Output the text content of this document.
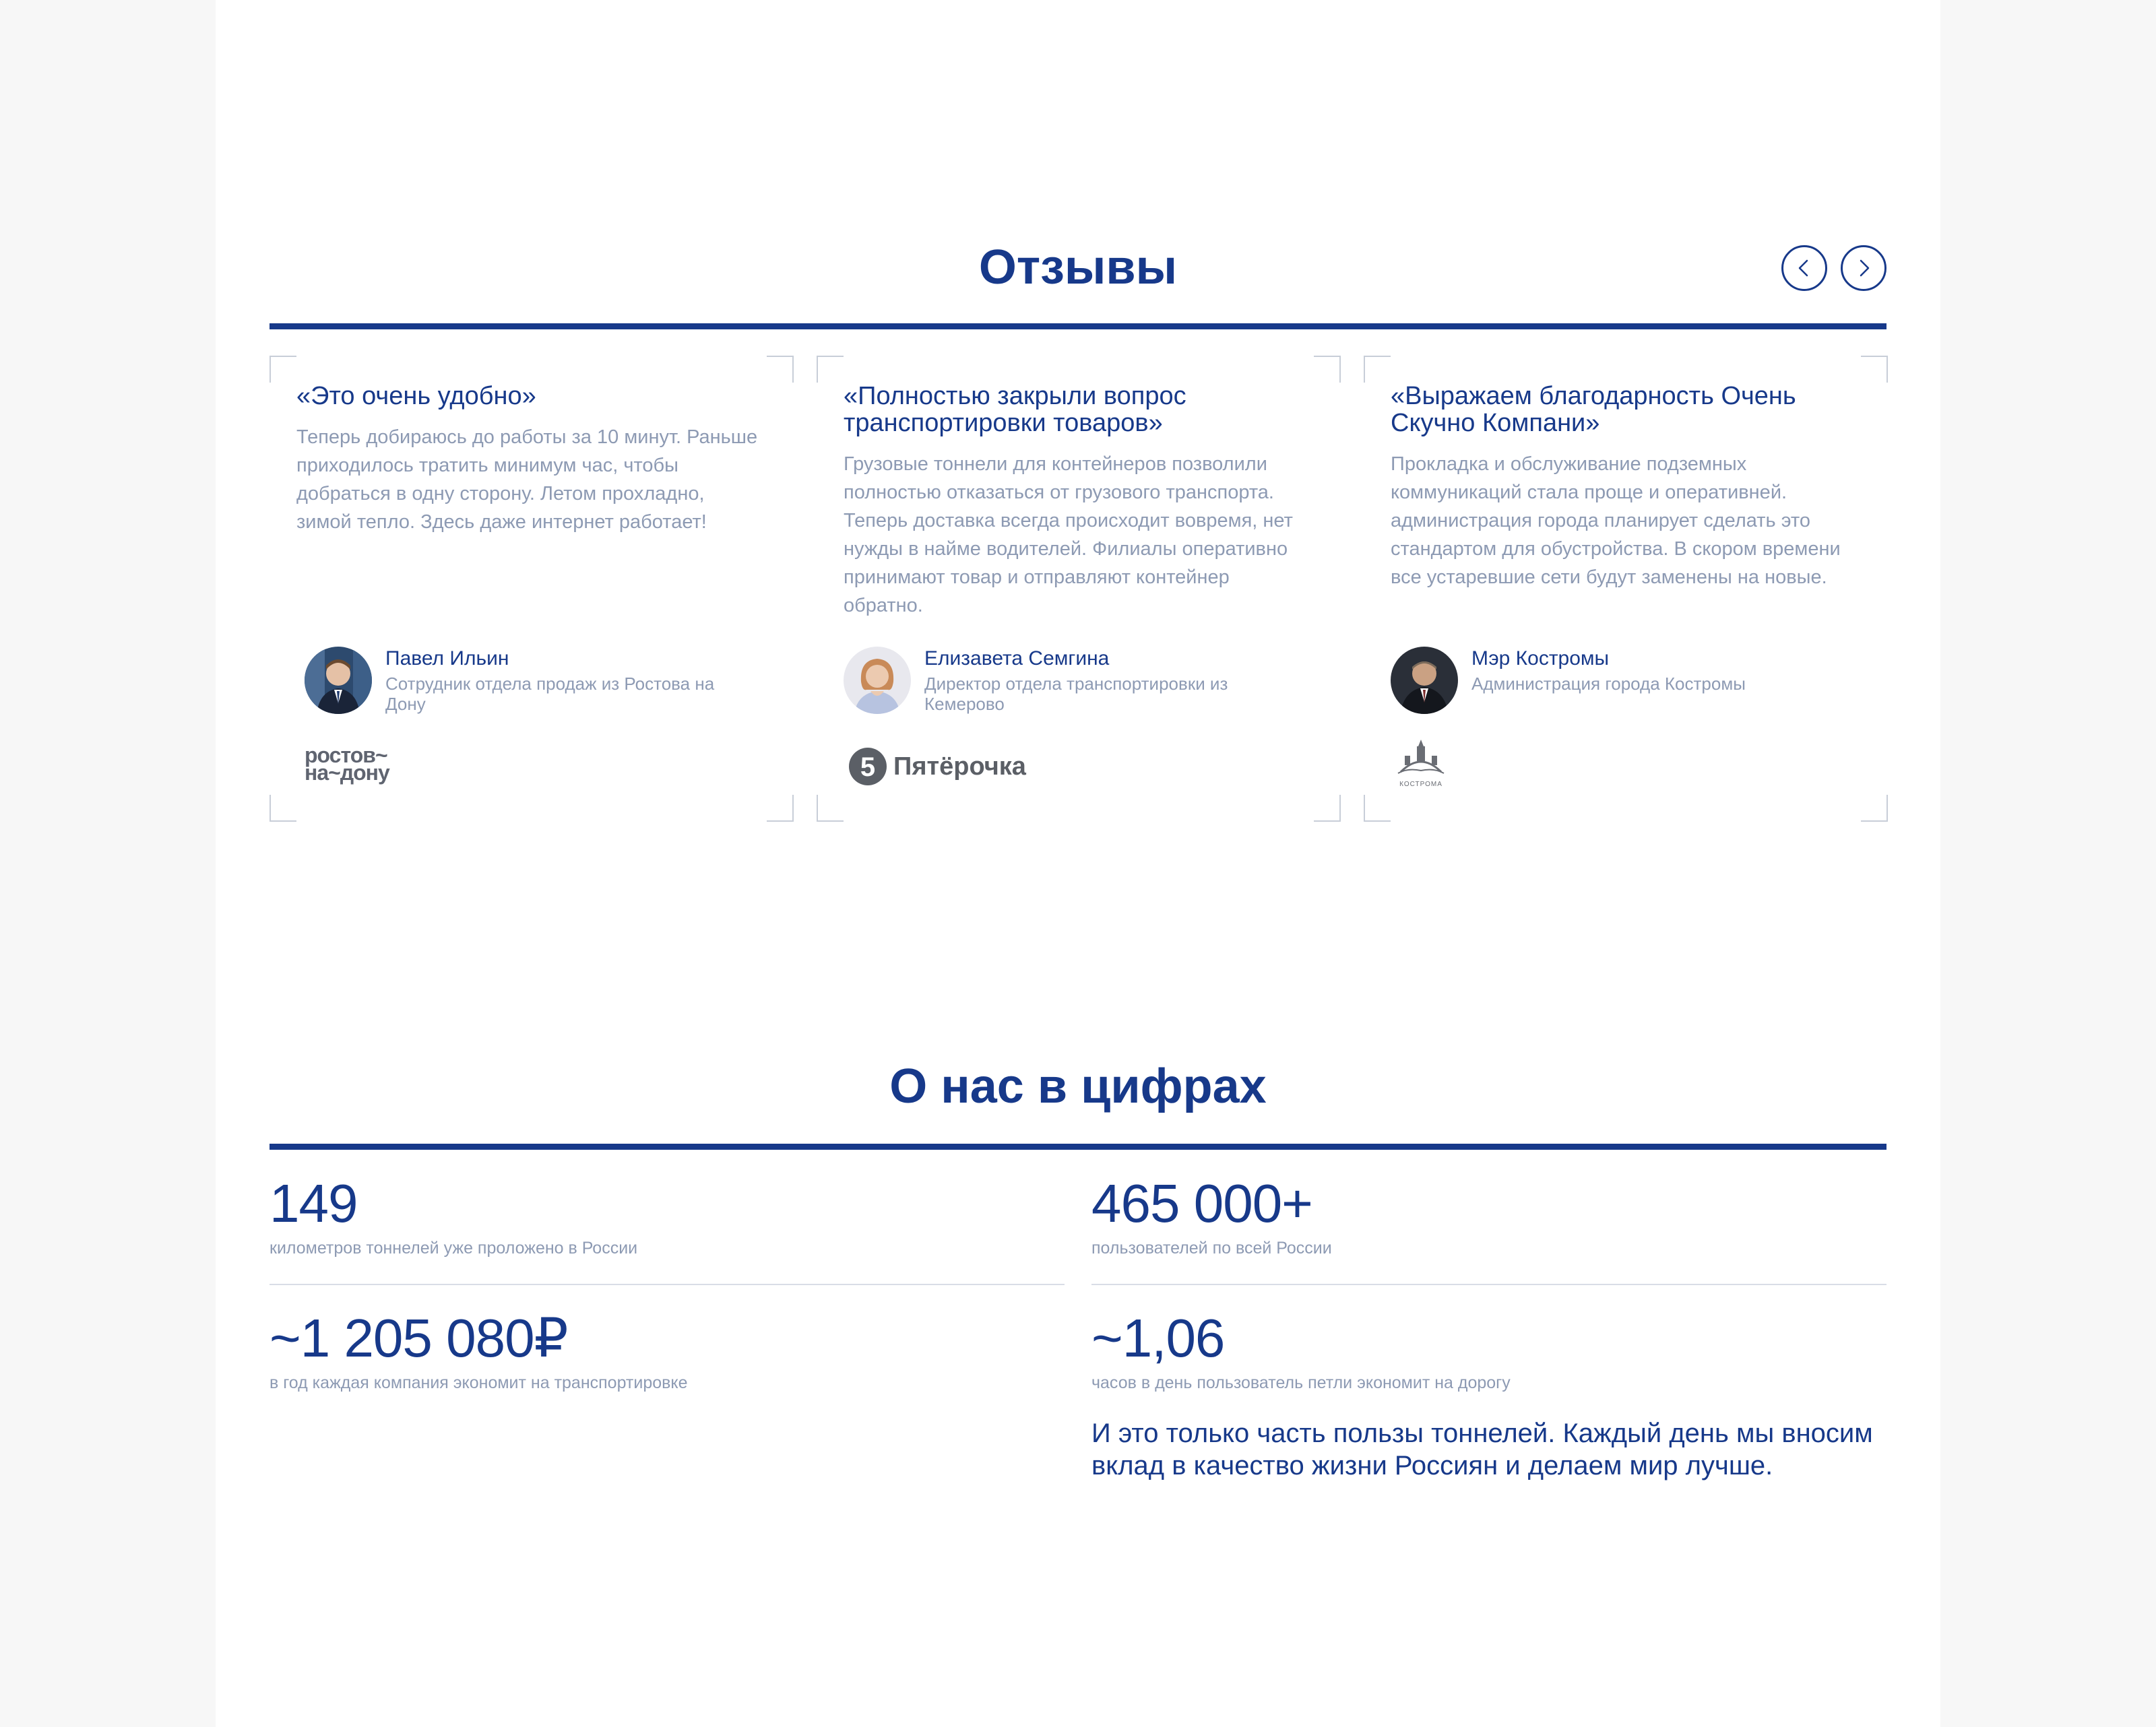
Отзывы
«Это очень удобно»
Теперь добираюсь до работы за 10 минут. Раньше приходилось тратить минимум час, чтобы добраться в одну сторону. Летом прохладно, зимой тепло. Здесь даже интернет работает!
Павел Ильин
Сотрудник отдела продаж из Ростова на Дону
ростов~
на~дону
«Полностью закрыли вопрос транспортировки товаров»
Грузовые тоннели для контейнеров позволили полностью отказаться от грузового транспорта. Теперь доставка всегда происходит вовремя, нет нужды в найме водителей. Филиалы оперативно принимают товар и отправляют контейнер обратно.
Елизавета Семгина
Директор отдела транспортировки из Кемерово
5 Пятёрочка
«Выражаем благодарность Очень Скучно Компани»
Прокладка и обслуживание подземных коммуникаций стала проще и оперативней. администрация города планирует сделать это стандартом для обустройства. В скором времени все устаревшие сети будут заменены на новые.
Мэр Костромы
Администрация города Костромы
КОСТРОМА
О нас в цифрах
149
километров тоннелей уже проложено в России
465 000+
пользователей по всей России
~1 205 080₽
в год каждая компания экономит на транспортировке
~1,06
часов в день пользователь петли экономит на дорогу
И это только часть пользы тоннелей. Каждый день мы вносим вклад в качество жизни Россиян и делаем мир лучше.
